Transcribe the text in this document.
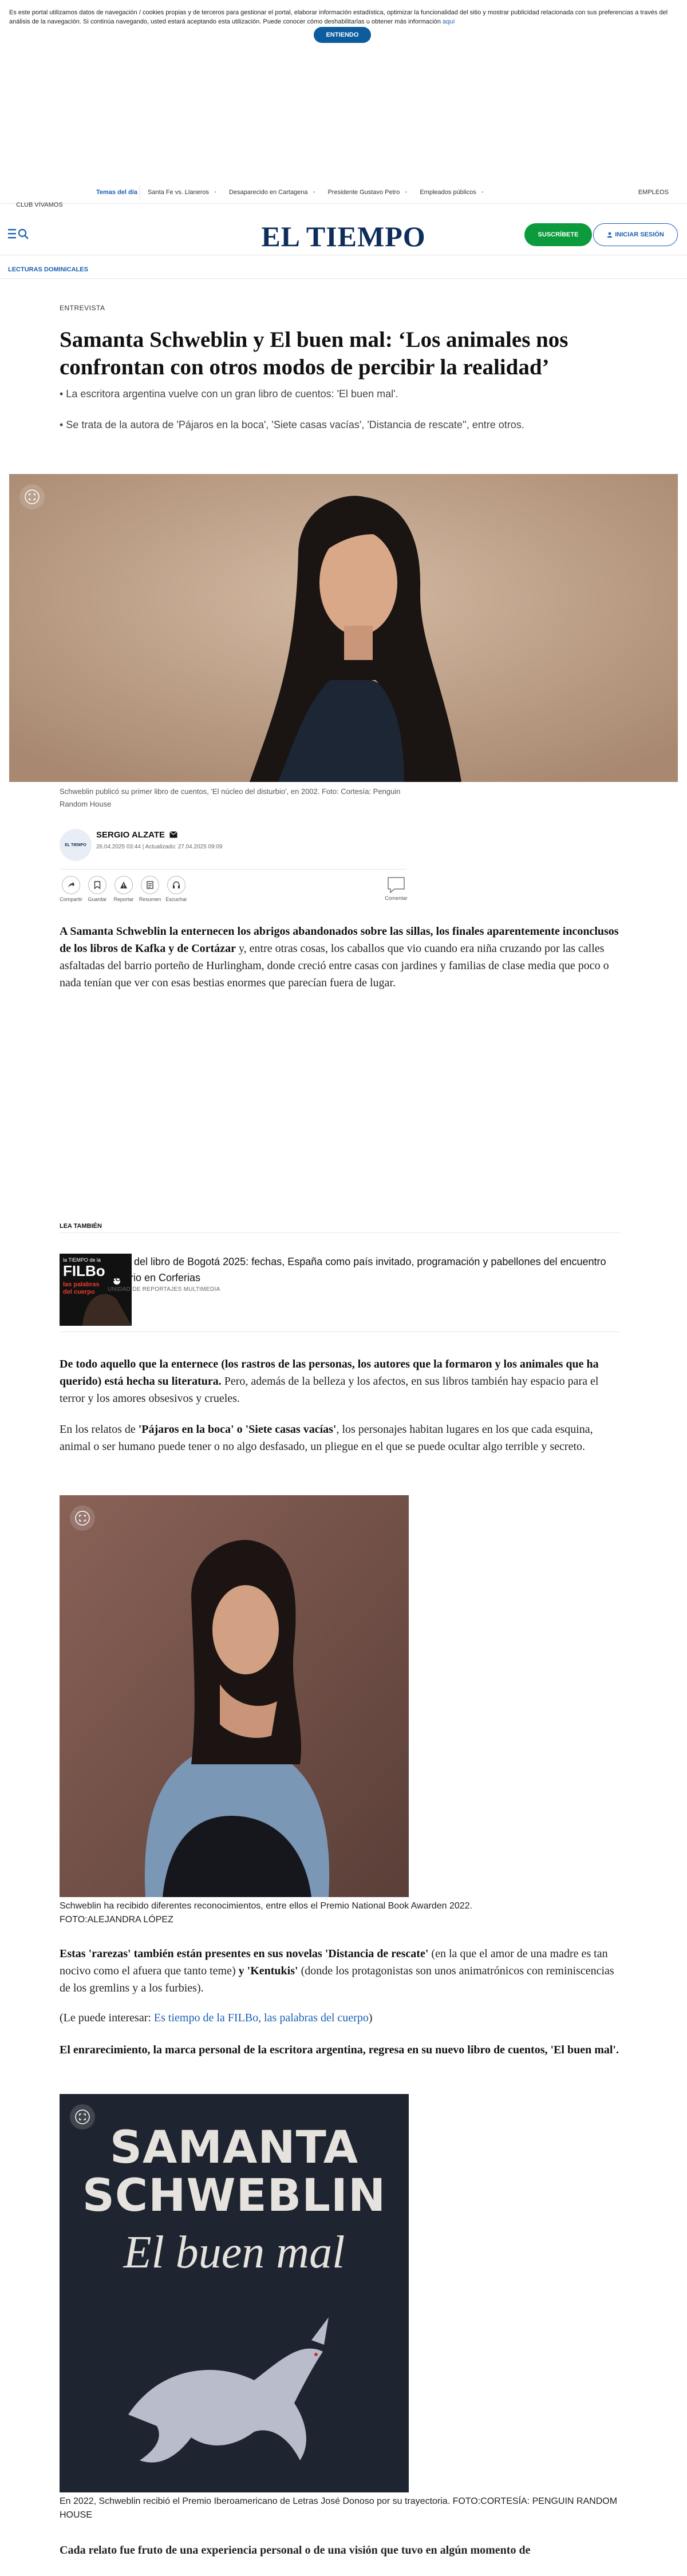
Es este portal utilizamos datos de navegación / cookies propias y de terceros para gestionar el portal, elaborar información estadística, optimizar la funcionalidad del sitio y mostrar publicidad relacionada con sus preferencias a través del análisis de la navegación. Si continúa navegando, usted estará aceptando esta utilización. Puede conocer cómo deshabilitarlas u obtener más información aquí
ENTIENDO
Temas del día Santa Fe vs. Llaneros •	Desaparecido en Cartagena •	Presidente Gustavo Petro •	Empleados públicos •	EMPLEOS
CLUB VIVAMOS
EL TIEMPO	SUSCRÍBETE	INICIAR SESIÓN
LECTURAS DOMINICALES
ENTREVISTA
Samanta Schweblin y El buen mal: ‘Los animales nos confrontan con otros modos de percibir la realidad’
• La escritora argentina vuelve con un gran libro de cuentos: 'El buen mal'.
• Se trata de la autora de 'Pájaros en la boca', 'Siete casas vacías', 'Distancia de rescate'', entre otros.
Schweblin publicó su primer libro de cuentos, 'El núcleo del disturbio', en 2002. Foto: Cortesía: Penguin Random House
EL TIEMPO
SERGIO ALZATE
26.04.2025 03:44 | Actualizado: 27.04.2025 09:09
Compartir	Guardar	Reportar Resumen Escuchar	Comentar

A Samanta Schweblin la enternecen los abrigos abandonados sobre las sillas, los finales aparentemente inconclusos de los libros de Kafka y de Cortázar y, entre otras cosas, los caballos que vio cuando era niña cruzando por las calles asfaltadas del barrio porteño de Hurlingham, donde creció entre casas con jardines y familias de clase media que poco o nada tenían que ver con esas bestias enormes que parecían fuera de lugar.

LEA TAMBIÉN
la TIEMPO de la
FILBo
las palabras
del cuerpo
Feria del libro de Bogotá 2025: fechas, España como país invitado, programación y pabellones del encuentro literario en Corferias
UNIDAD DE REPORTAJES MULTIMEDIA

De todo aquello que la enternece (los rastros de las personas, los autores que la formaron y los animales que ha querido) está hecha su literatura. Pero, además de la belleza y los afectos, en sus libros también hay espacio para el terror y los amores obsesivos y crueles.

En los relatos de 'Pájaros en la boca' o 'Siete casas vacías', los personajes habitan lugares en los que cada esquina, animal o ser humano puede tener o no algo desfasado, un pliegue en el que se puede ocultar algo terrible y secreto.

Schweblin ha recibido diferentes reconocimientos, entre ellos el Premio National Book Awarden 2022. FOTO:ALEJANDRA LÓPEZ

Estas 'rarezas' también están presentes en sus novelas 'Distancia de rescate' (en la que el amor de una madre es tan nocivo como el afuera que tanto teme) y 'Kentukis' (donde los protagonistas son unos animatrónicos con reminiscencias de los gremlins y a los furbies).

(Le puede interesar: Es tiempo de la FILBo, las palabras del cuerpo)

El enrarecimiento, la marca personal de la escritora argentina, regresa en su nuevo libro de cuentos, 'El buen mal'.

SAMANTA
SCHWEBLIN
El buen mal
En 2022, Schweblin recibió el Premio Iberoamericano de Letras José Donoso por su trayectoria. FOTO:CORTESÍA: PENGUIN RANDOM HOUSE

Cada relato fue fruto de una experiencia personal o de una visión que tuvo en algún momento de
